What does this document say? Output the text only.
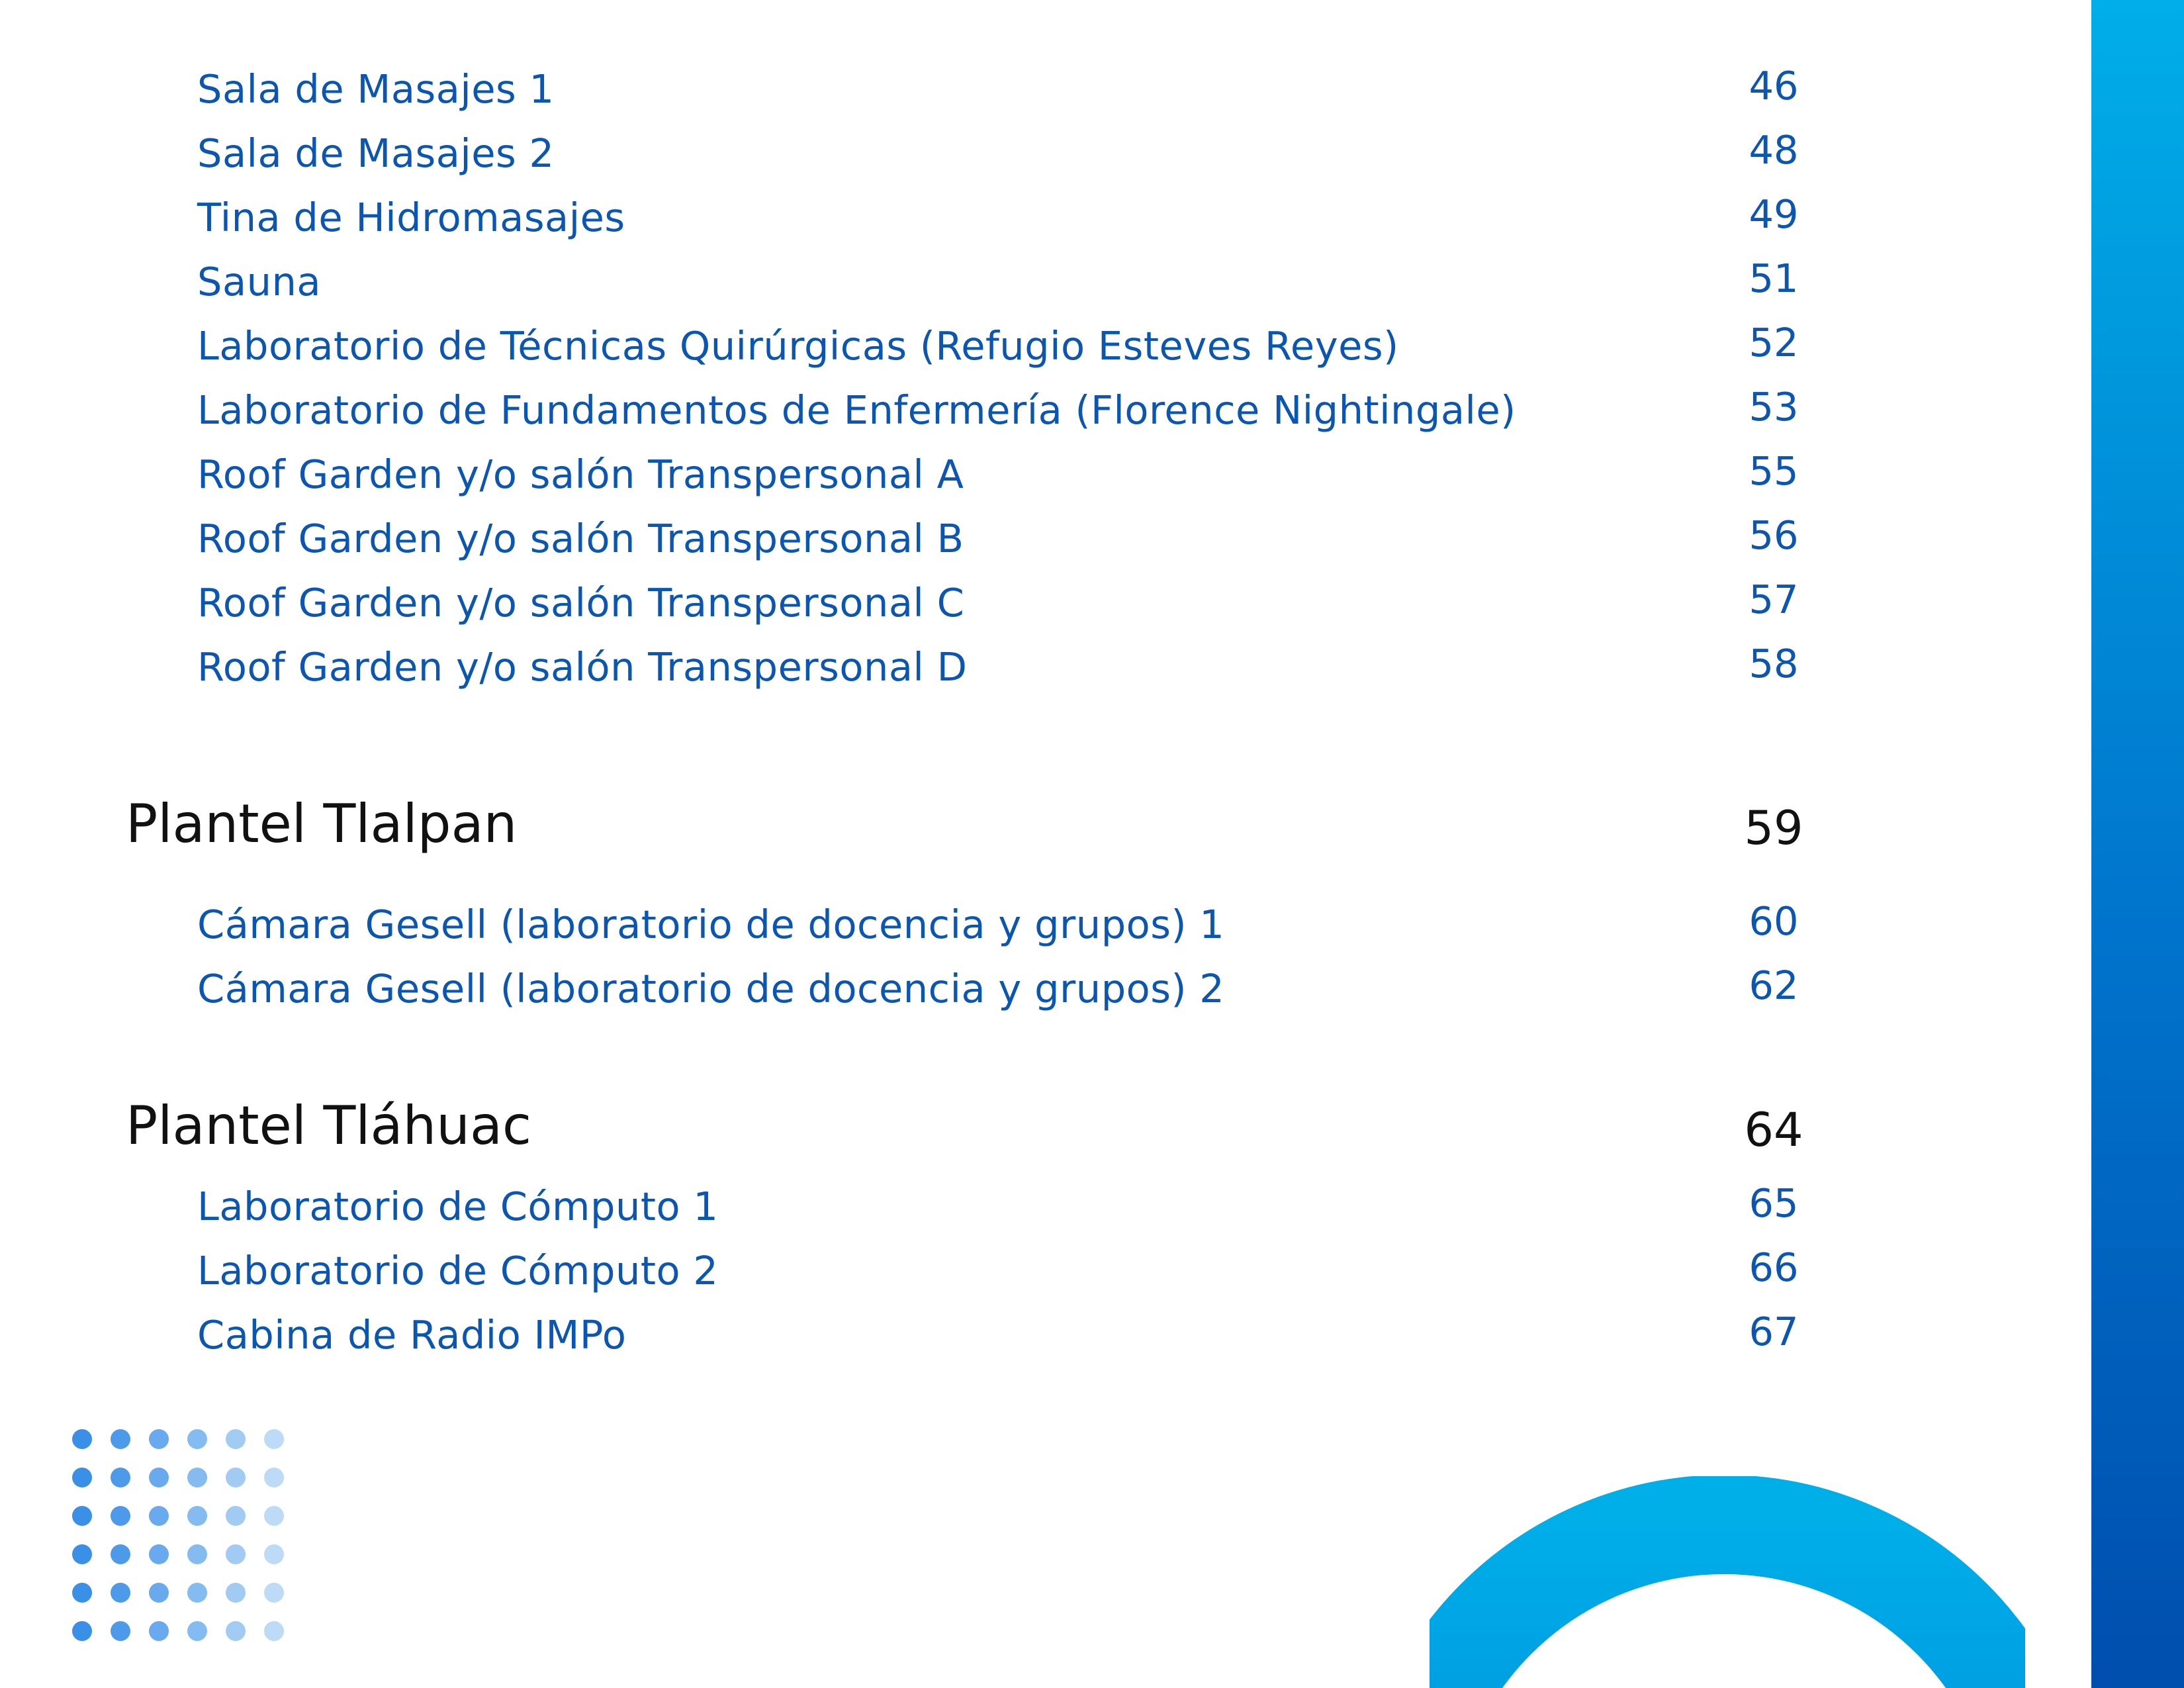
Sala de Masajes 1	46
Sala de Masajes 2	48
Tina de Hidromasajes	49
Sauna	51
Laboratorio de Técnicas Quirúrgicas (Refugio Esteves Reyes)	52
Laboratorio de Fundamentos de Enfermería (Florence Nightingale)	53
Roof Garden y/o salón Transpersonal A	55
Roof Garden y/o salón Transpersonal B	56
Roof Garden y/o salón Transpersonal C	57
Roof Garden y/o salón Transpersonal D	58
Plantel Tlalpan	59
Cámara Gesell (laboratorio de docencia y grupos) 1	60
Cámara Gesell (laboratorio de docencia y grupos) 2	62
Plantel Tláhuac	64
Laboratorio de Cómputo 1	65
Laboratorio de Cómputo 2	66
Cabina de Radio IMPo	67
